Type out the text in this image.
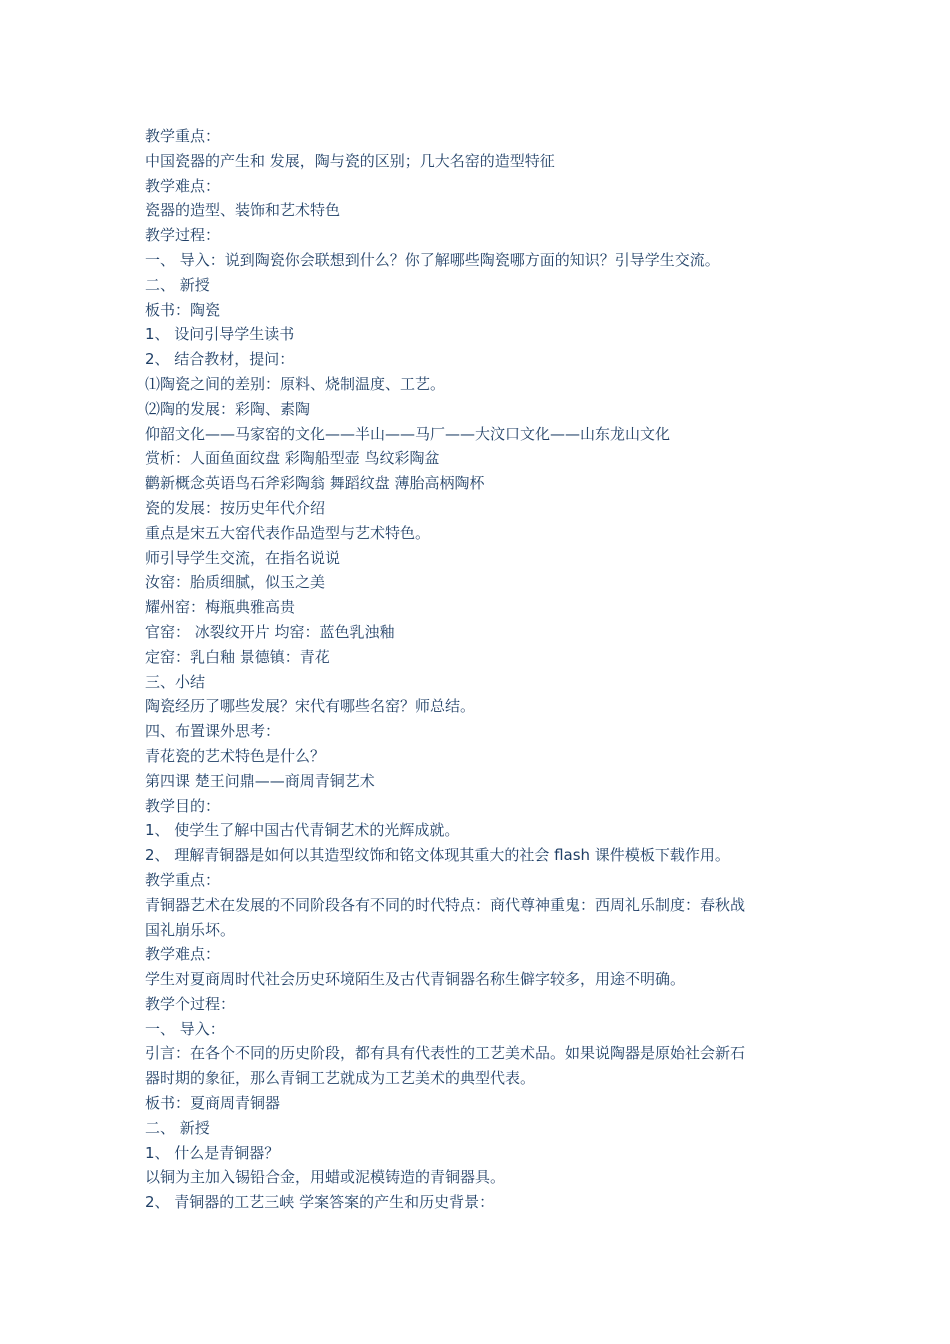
教学重点：

中国瓷器的产生和 发展，陶与瓷的区别；几大名窑的造型特征

教学难点：

瓷器的造型、装饰和艺术特色

教学过程：

一、 导入：说到陶瓷你会联想到什么？你了解哪些陶瓷哪方面的知识？引导学生交流。

二、 新授

板书：陶瓷

1、 设问引导学生读书

2、 结合教材，提问：

⑴陶瓷之间的差别：原料、烧制温度、工艺。

⑵陶的发展：彩陶、素陶

仰韶文化——马家窑的文化——半山——马厂——大汶口文化——山东龙山文化

赏析：人面鱼面纹盘 彩陶船型壶 鸟纹彩陶盆

鹳新概念英语鸟石斧彩陶翁 舞蹈纹盘 薄胎高柄陶杯

瓷的发展：按历史年代介绍

重点是宋五大窑代表作品造型与艺术特色。

师引导学生交流，在指名说说

汝窑：胎质细腻，似玉之美

耀州窑：梅瓶典雅高贵

官窑： 冰裂纹开片 均窑：蓝色乳浊釉

定窑：乳白釉 景德镇：青花

三、小结

陶瓷经历了哪些发展？宋代有哪些名窑？师总结。

四、布置课外思考：

青花瓷的艺术特色是什么？

第四课 楚王问鼎——商周青铜艺术

教学目的：

1、 使学生了解中国古代青铜艺术的光辉成就。

2、 理解青铜器是如何以其造型纹饰和铭文体现其重大的社会 flash 课件模板下载作用。

教学重点：

青铜器艺术在发展的不同阶段各有不同的时代特点：商代尊神重鬼：西周礼乐制度：春秋战

国礼崩乐坏。

教学难点：

学生对夏商周时代社会历史环境陌生及古代青铜器名称生僻字较多，用途不明确。

教学个过程：

一、 导入：

引言：在各个不同的历史阶段，都有具有代表性的工艺美术品。如果说陶器是原始社会新石

器时期的象征，那么青铜工艺就成为工艺美术的典型代表。

板书：夏商周青铜器

二、 新授

1、 什么是青铜器？

以铜为主加入锡铅合金，用蜡或泥模铸造的青铜器具。

2、 青铜器的工艺三峡 学案答案的产生和历史背景：
